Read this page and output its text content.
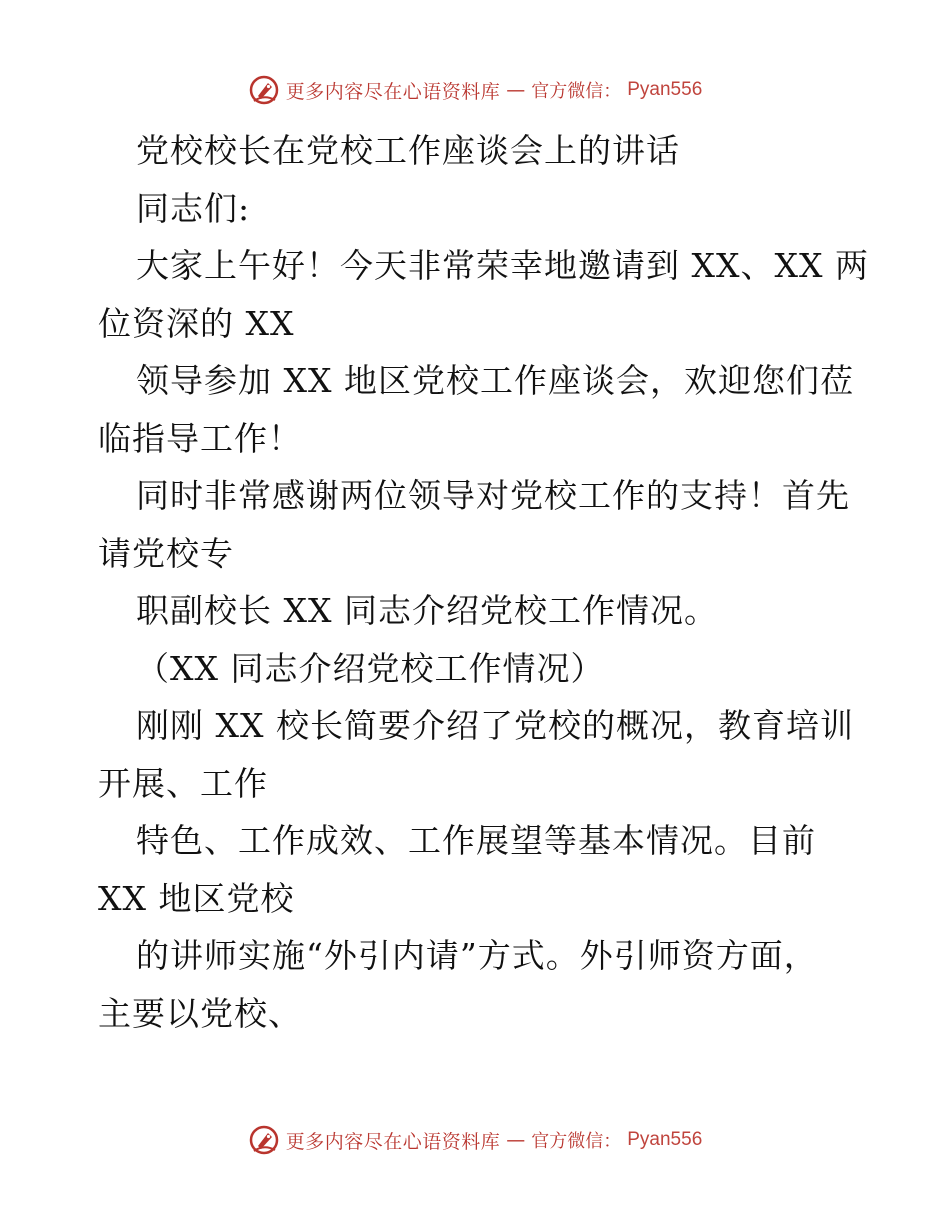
更多内容尽在心语资料库 — 官方微信： Pyan556
党校校长在党校工作座谈会上的讲话
同志们:
大家上午好！今天非常荣幸地邀请到 XX、XX 两
位资深的 XX
领导参加 XX 地区党校工作座谈会，欢迎您们莅
临指导工作！
同时非常感谢两位领导对党校工作的支持！首先
请党校专
职副校长 XX 同志介绍党校工作情况。
（XX 同志介绍党校工作情况）
刚刚 XX 校长简要介绍了党校的概况，教育培训
开展、工作
特色、工作成效、工作展望等基本情况。目前
XX 地区党校
的讲师实施“外引内请”方式。外引师资方面，
主要以党校、
更多内容尽在心语资料库 — 官方微信： Pyan556
